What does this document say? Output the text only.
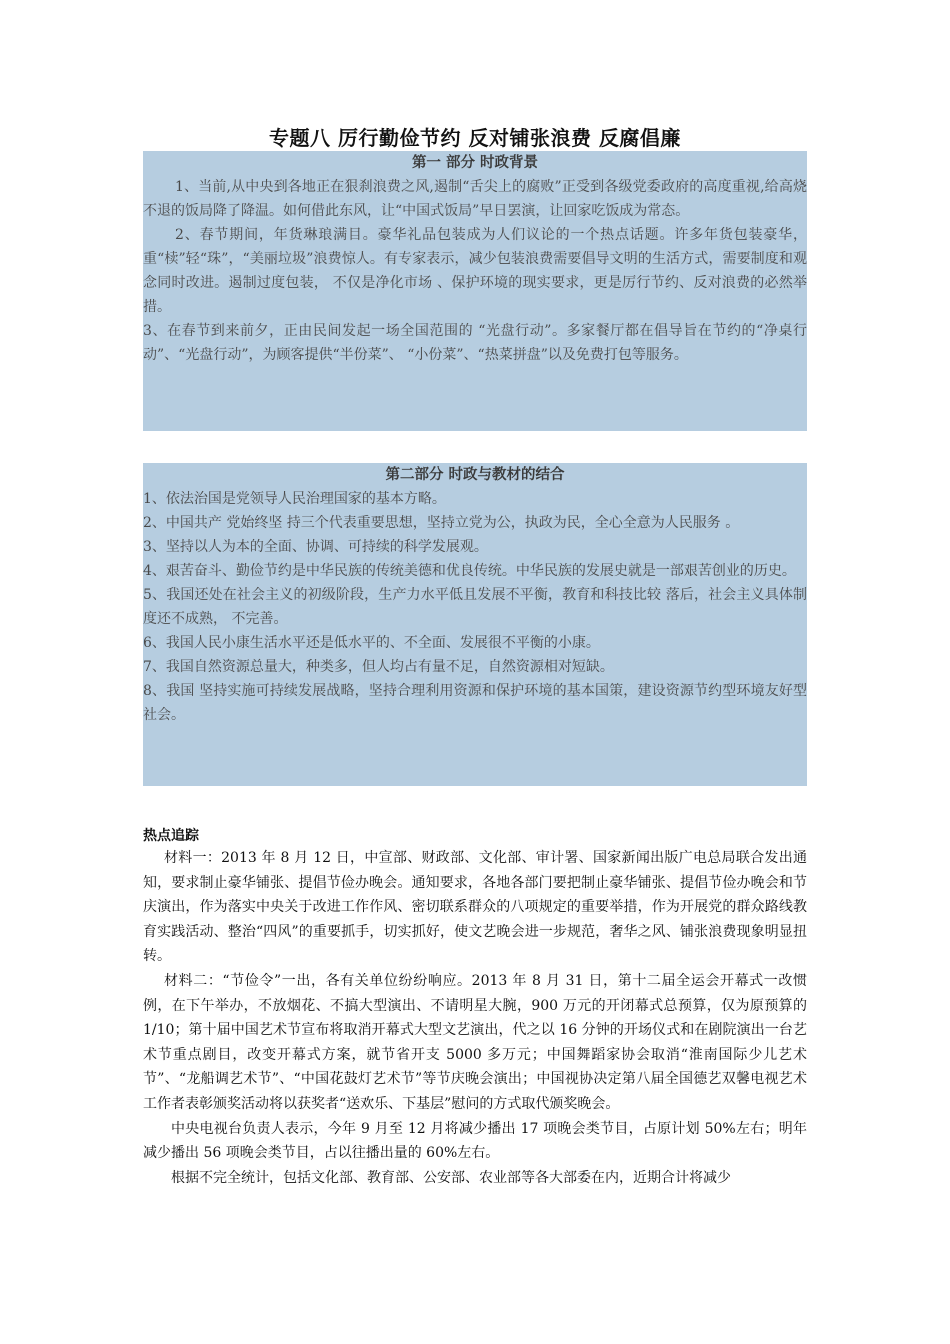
专题八 厉行勤俭节约 反对铺张浪费 反腐倡廉
第一 部分 时政背景

1、当前,从中央到各地正在狠刹浪费之风,遏制“舌尖上的腐败”正受到各级党委政府的高度重视,给高烧不退的饭局降了降温。如何借此东风，让“中国式饭局”早日罢演，让回家吃饭成为常态。

2、春节期间，年货琳琅满目。豪华礼品包装成为人们议论的一个热点话题。许多年货包装豪华，重“椟”轻“珠”，“美丽垃圾”浪费惊人。有专家表示，减少包装浪费需要倡导文明的生活方式，需要制度和观念同时改进。遏制过度包装， 不仅是净化市场 、保护环境的现实要求，更是厉行节约、反对浪费的必然举措。

3、在春节到来前夕，正由民间发起一场全国范围的 “光盘行动”。多家餐厅都在倡导旨在节约的“净桌行动”、“光盘行动”，为顾客提供“半份菜”、 “小份菜”、“热菜拼盘”以及免费打包等服务。

第二部分 时政与教材的结合

1、依法治国是党领导人民治理国家的基本方略。

2、中国共产 党始终坚 持三个代表重要思想，坚持立党为公，执政为民，全心全意为人民服务 。

3、坚持以人为本的全面、协调、可持续的科学发展观。

4、艰苦奋斗、勤俭节约是中华民族的传统美德和优良传统。中华民族的发展史就是一部艰苦创业的历史。

5、我国还处在社会主义的初级阶段，生产力水平低且发展不平衡，教育和科技比较 落后，社会主义具体制度还不成熟， 不完善。

6、我国人民小康生活水平还是低水平的、不全面、发展很不平衡的小康。

7、我国自然资源总量大，种类多，但人均占有量不足，自然资源相对短缺。

8、我国 坚持实施可持续发展战略，坚持合理利用资源和保护环境的基本国策，建设资源节约型环境友好型社会。

热点追踪

材料一：2013 年 8 月 12 日，中宣部、财政部、文化部、审计署、国家新闻出版广电总局联合发出通知，要求制止豪华铺张、提倡节俭办晚会。通知要求，各地各部门要把制止豪华铺张、提倡节俭办晚会和节庆演出，作为落实中央关于改进工作作风、密切联系群众的八项规定的重要举措，作为开展党的群众路线教育实践活动、整治“四风”的重要抓手，切实抓好，使文艺晚会进一步规范，奢华之风、铺张浪费现象明显扭转。

材料二：“节俭令”一出，各有关单位纷纷响应。2013 年 8 月 31 日，第十二届全运会开幕式一改惯例，在下午举办，不放烟花、不搞大型演出、不请明星大腕，900 万元的开闭幕式总预算，仅为原预算的 1/10；第十届中国艺术节宣布将取消开幕式大型文艺演出，代之以 16 分钟的开场仪式和在剧院演出一台艺术节重点剧目，改变开幕式方案，就节省开支 5000 多万元；中国舞蹈家协会取消“淮南国际少儿艺术节”、“龙船调艺术节”、“中国花鼓灯艺术节”等节庆晚会演出；中国视协决定第八届全国德艺双馨电视艺术工作者表彰颁奖活动将以获奖者“送欢乐、下基层”慰问的方式取代颁奖晚会。

中央电视台负责人表示，今年 9 月至 12 月将减少播出 17 项晚会类节目，占原计划 50%左右；明年减少播出 56 项晚会类节目，占以往播出量的 60%左右。

根据不完全统计，包括文化部、教育部、公安部、农业部等各大部委在内，近期合计将减少
